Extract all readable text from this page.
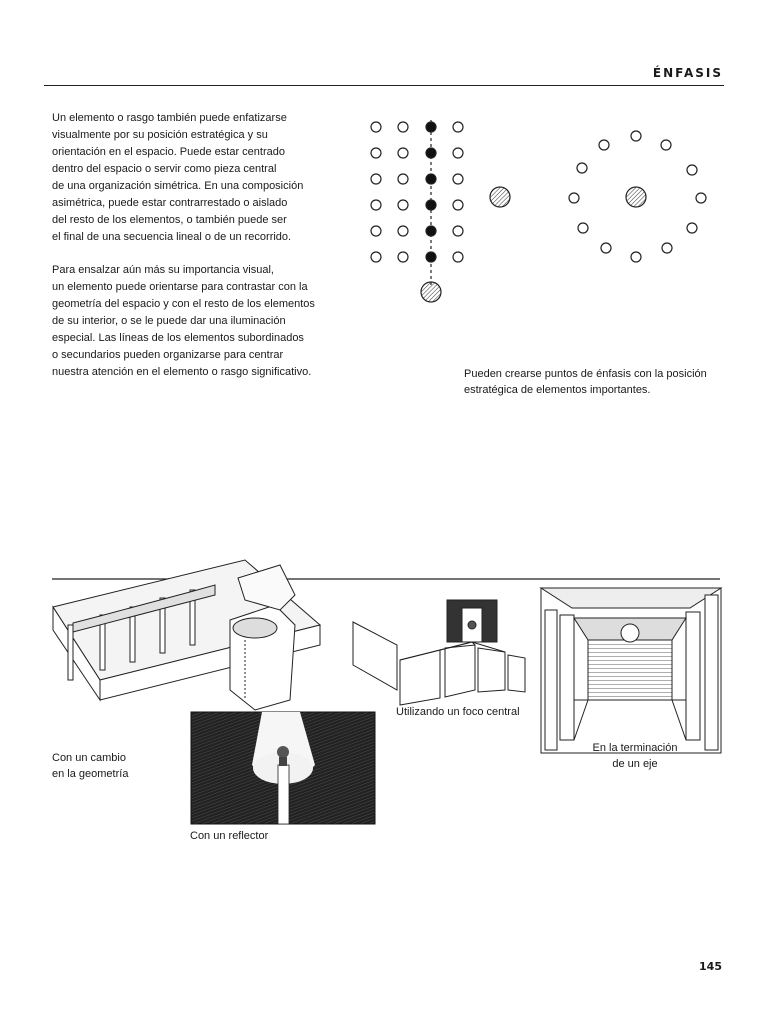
ÉNFASIS

Un elemento o rasgo también puede enfatizarse
visualmente por su posición estratégica y su
orientación en el espacio. Puede estar centrado
dentro del espacio o servir como pieza central
de una organización simétrica. En una composición
asimétrica, puede estar contrarrestado o aislado
del resto de los elementos, o también puede ser
el final de una secuencia lineal o de un recorrido.

Para ensalzar aún más su importancia visual,
un elemento puede orientarse para contrastar con la
geometría del espacio y con el resto de los elementos
de su interior, o se le puede dar una iluminación
especial. Las líneas de los elementos subordinados
o secundarios pueden organizarse para centrar
nuestra atención en el elemento o rasgo significativo.	Pueden crearse puntos de énfasis con la posición
estratégica de elementos importantes.
Con un cambio
en la geometría
Con un reflector
Utilizando un foco central
En la terminación
de un eje
145
